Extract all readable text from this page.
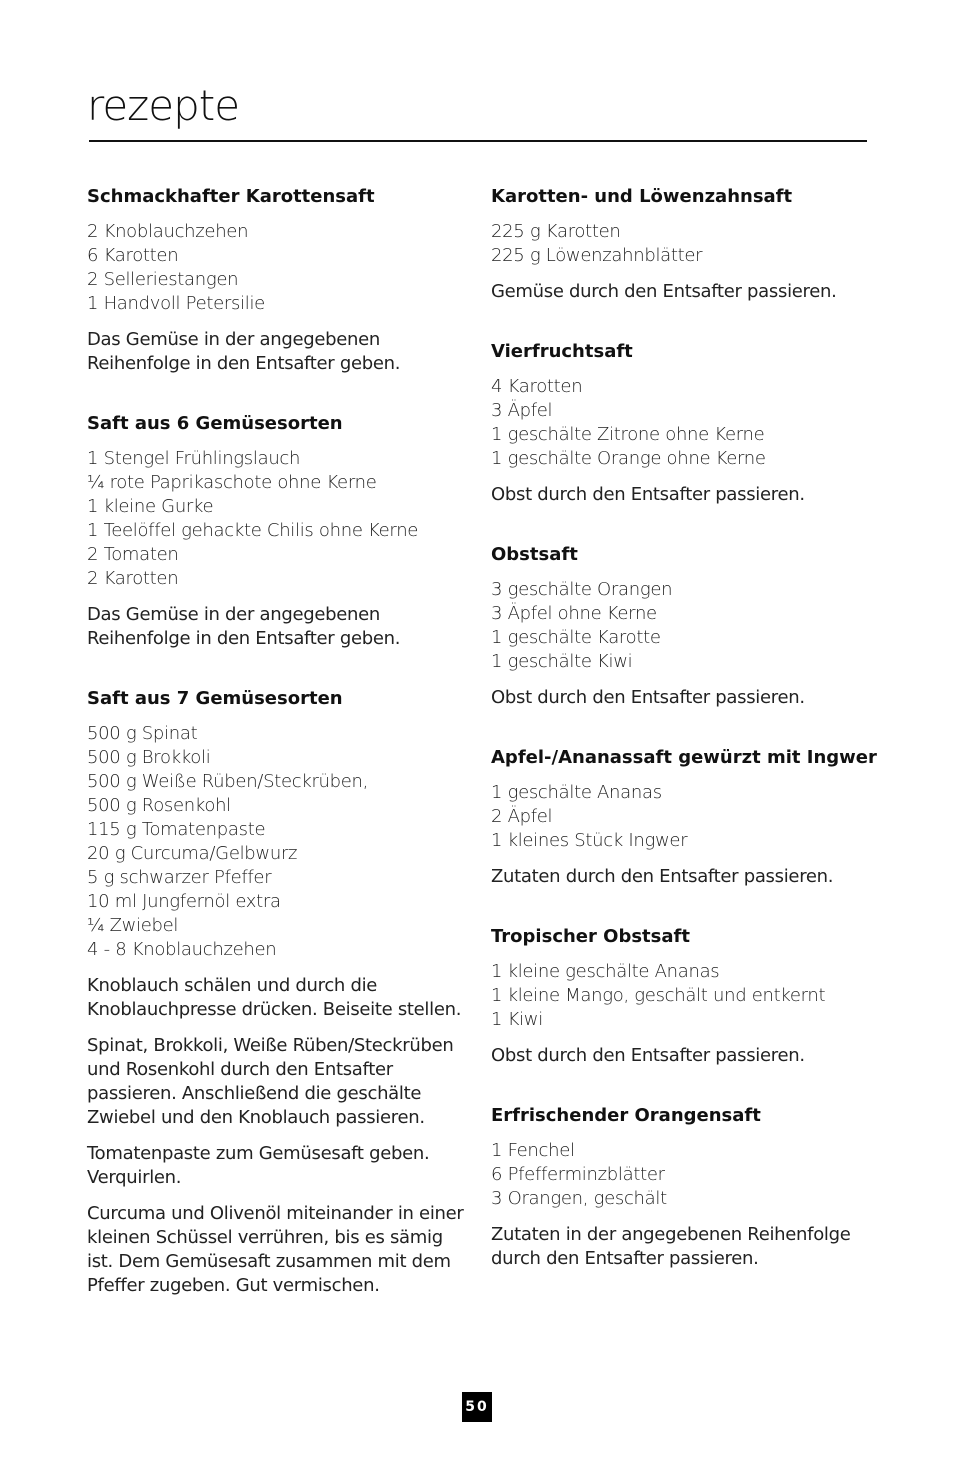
rezepte
Schmackhafter Karottensaft
2 Knoblauchzehen
6 Karotten
2 Selleriestangen
1 Handvoll Petersilie

Das Gemüse in der angegebenen Reihenfolge in den Entsafter geben.

Saft aus 6 Gemüsesorten
1 Stengel Frühlingslauch
¼ rote Paprikaschote ohne Kerne
1 kleine Gurke
1 Teelöffel gehackte Chilis ohne Kerne
2 Tomaten
2 Karotten

Das Gemüse in der angegebenen Reihenfolge in den Entsafter geben.

Saft aus 7 Gemüsesorten
500 g Spinat
500 g Brokkoli
500 g Weiße Rüben/Steckrüben,
500 g Rosenkohl
115 g Tomatenpaste
20 g Curcuma/Gelbwurz
5 g schwarzer Pfeffer
10 ml Jungfernöl extra
¼ Zwiebel
4 - 8 Knoblauchzehen

Knoblauch schälen und durch die Knoblauchpresse drücken. Beiseite stellen.

Spinat, Brokkoli, Weiße Rüben/Steckrüben und Rosenkohl durch den Entsafter passieren. Anschließend die geschälte Zwiebel und den Knoblauch passieren.

Tomatenpaste zum Gemüsesaft geben. Verquirlen.

Curcuma und Olivenöl miteinander in einer kleinen Schüssel verrühren, bis es sämig ist. Dem Gemüsesaft zusammen mit dem Pfeffer zugeben. Gut vermischen.

Karotten- und Löwenzahnsaft
225 g Karotten
225 g Löwenzahnblätter

Gemüse durch den Entsafter passieren.

Vierfruchtsaft
4 Karotten
3 Äpfel
1 geschälte Zitrone ohne Kerne
1 geschälte Orange ohne Kerne

Obst durch den Entsafter passieren.

Obstsaft
3 geschälte Orangen
3 Äpfel ohne Kerne
1 geschälte Karotte
1 geschälte Kiwi

Obst durch den Entsafter passieren.

Apfel-/Ananassaft gewürzt mit Ingwer
1 geschälte Ananas
2 Äpfel
1 kleines Stück Ingwer

Zutaten durch den Entsafter passieren.

Tropischer Obstsaft
1 kleine geschälte Ananas
1 kleine Mango, geschält und entkernt
1 Kiwi

Obst durch den Entsafter passieren.

Erfrischender Orangensaft
1 Fenchel
6 Pfefferminzblätter
3 Orangen, geschält

Zutaten in der angegebenen Reihenfolge durch den Entsafter passieren.

50
